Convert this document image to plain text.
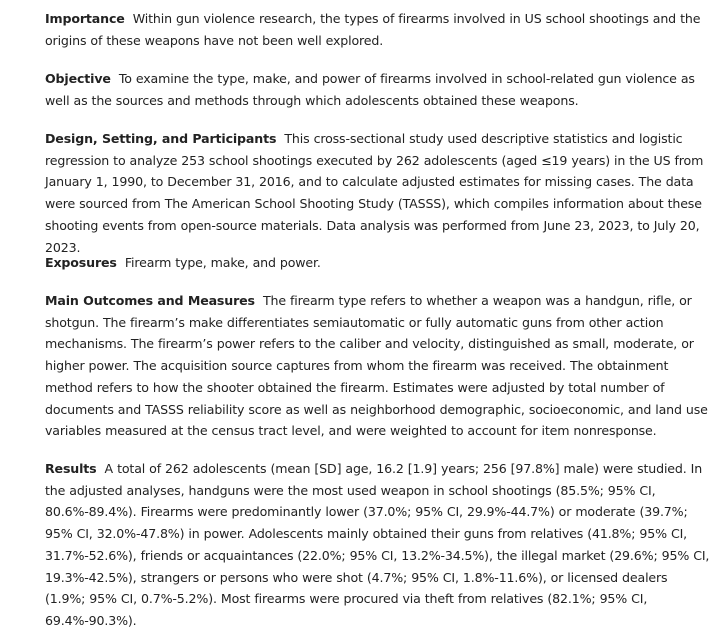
Importance Within gun violence research, the types of firearms involved in US school shootings and the origins of these weapons have not been well explored.

Objective To examine the type, make, and power of firearms involved in school-related gun violence as well as the sources and methods through which adolescents obtained these weapons.

Design, Setting, and Participants This cross-sectional study used descriptive statistics and logistic regression to analyze 253 school shootings executed by 262 adolescents (aged ≤19 years) in the US from January 1, 1990, to December 31, 2016, and to calculate adjusted estimates for missing cases. The data were sourced from The American School Shooting Study (TASSS), which compiles information about these shooting events from open-source materials. Data analysis was performed from June 23, 2023, to July 20, 2023.

Exposures Firearm type, make, and power.

Main Outcomes and Measures The firearm type refers to whether a weapon was a handgun, rifle, or shotgun. The firearm’s make differentiates semiautomatic or fully automatic guns from other action mechanisms. The firearm’s power refers to the caliber and velocity, distinguished as small, moderate, or higher power. The acquisition source captures from whom the firearm was received. The obtainment method refers to how the shooter obtained the firearm. Estimates were adjusted by total number of documents and TASSS reliability score as well as neighborhood demographic, socioeconomic, and land use variables measured at the census tract level, and were weighted to account for item nonresponse.

Results A total of 262 adolescents (mean [SD] age, 16.2 [1.9] years; 256 [97.8%] male) were studied. In the adjusted analyses, handguns were the most used weapon in school shootings (85.5%; 95% CI, 80.6%-89.4%). Firearms were predominantly lower (37.0%; 95% CI, 29.9%-44.7%) or moderate (39.7%; 95% CI, 32.0%-47.8%) in power. Adolescents mainly obtained their guns from relatives (41.8%; 95% CI, 31.7%-52.6%), friends or acquaintances (22.0%; 95% CI, 13.2%-34.5%), the illegal market (29.6%; 95% CI, 19.3%-42.5%), strangers or persons who were shot (4.7%; 95% CI, 1.8%-11.6%), or licensed dealers (1.9%; 95% CI, 0.7%-5.2%). Most firearms were procured via theft from relatives (82.1%; 95% CI, 69.4%-90.3%).
